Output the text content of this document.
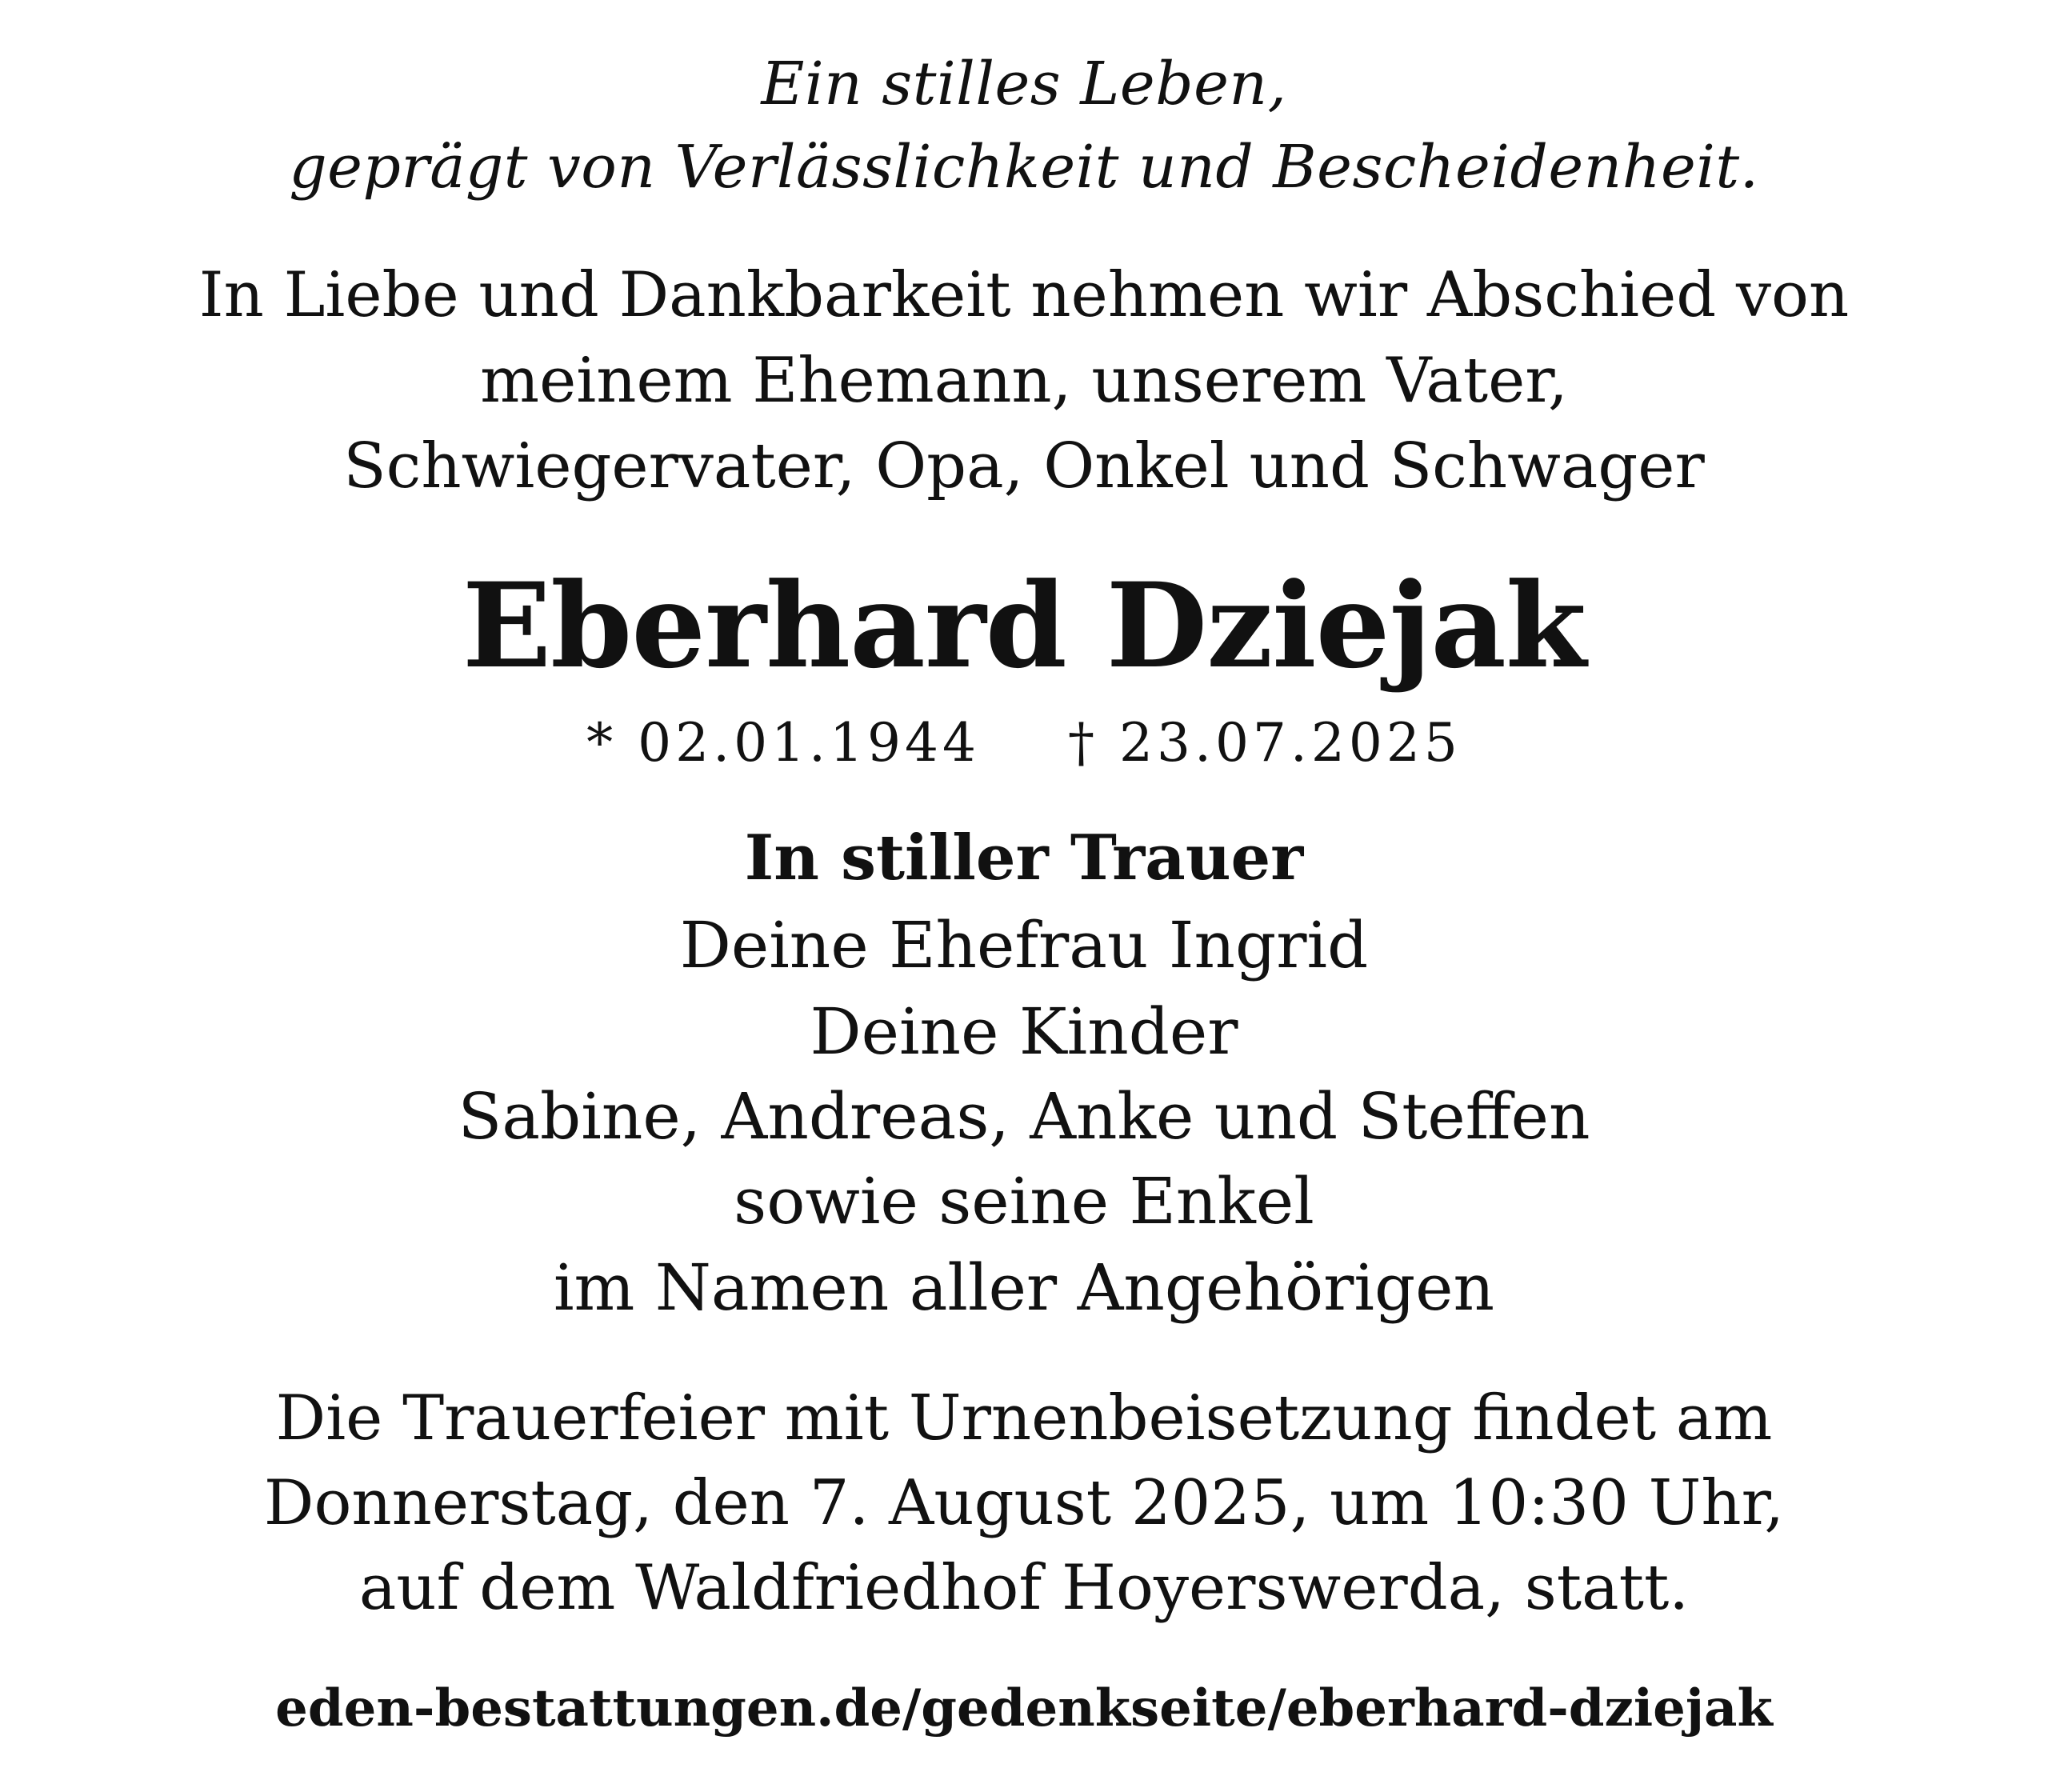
Ein stilles Leben,
geprägt von Verlässlichkeit und Bescheidenheit.
In Liebe und Dankbarkeit nehmen wir Abschied von
meinem Ehemann, unserem Vater,
Schwiegervater, Opa, Onkel und Schwager
Eberhard Dziejak
* 02.01.1944 † 23.07.2025
In stiller Trauer
Deine Ehefrau Ingrid
Deine Kinder
Sabine, Andreas, Anke und Steffen
sowie seine Enkel
im Namen aller Angehörigen
Die Trauerfeier mit Urnenbeisetzung findet am
Donnerstag, den 7. August 2025, um 10:30 Uhr,
auf dem Waldfriedhof Hoyerswerda, statt.
eden-bestattungen.de/gedenkseite/eberhard-dziejak
